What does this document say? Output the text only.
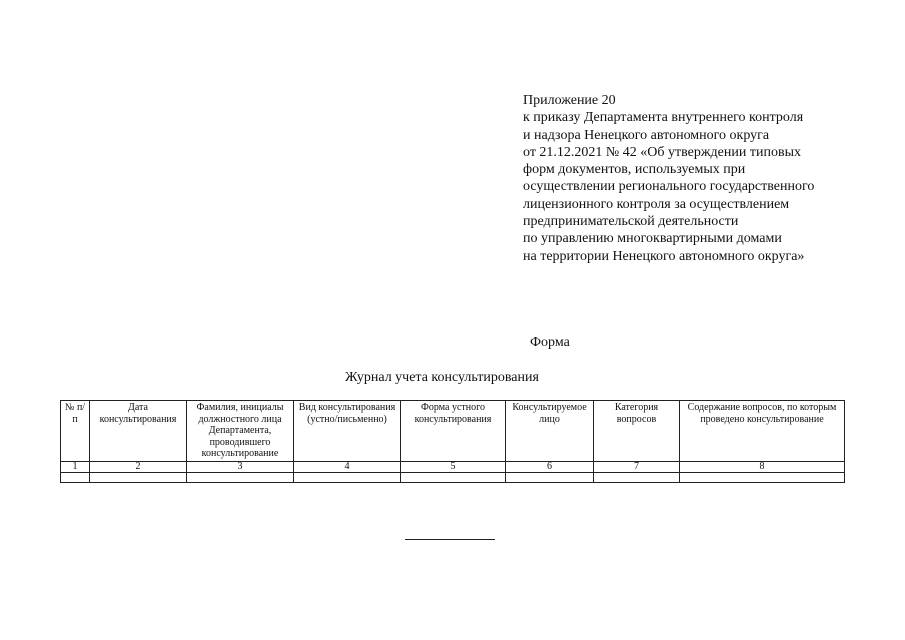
Приложение 20
к приказу Департамента внутреннего контроля
и надзора Ненецкого автономного округа
от 21.12.2021 № 42 «Об утверждении типовых
форм документов, используемых при
осуществлении регионального государственного
лицензионного контроля за осуществлением
предпринимательской деятельности
по управлению многоквартирными домами
на территории Ненецкого автономного округа»
Форма
Журнал учета консультирования
№ п/п	Дата консультирования	Фамилия, инициалы должностного лица Департамента, проводившего консультирование	Вид консультирования (устно/письменно)	Форма устного консультирования	Консультируемое лицо	Категория вопросов	Содержание вопросов, по которым проведено консультирование
1	2	3	4	5	6	7	8
